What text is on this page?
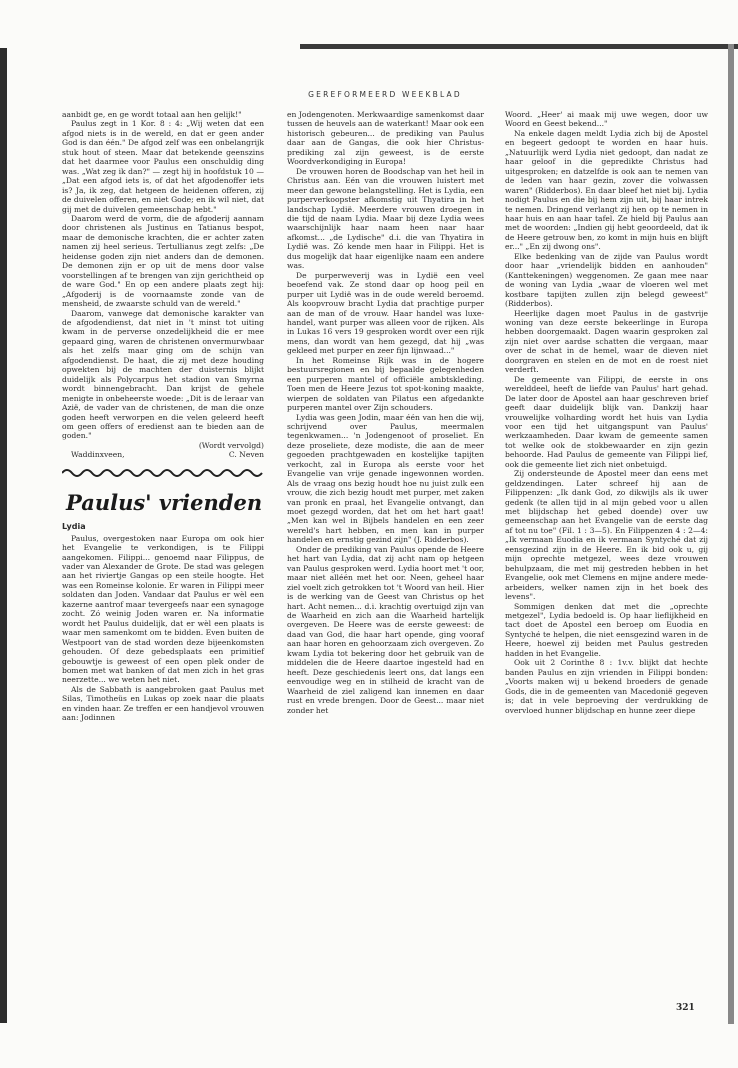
GEREFORMEERD WEEKBLAD

aanbidt ge, en ge wordt totaal aan hen gelijk!"

Paulus zegt in 1 Kor. 8 : 4: „Wij weten dat een afgod niets is in de wereld, en dat er geen ander God is dan één." De afgod zelf was een onbelangrijk stuk hout of steen. Maar dat betekende geenszins dat het daarmee voor Paulus een onschuldig ding was. „Wat zeg ik dan?" — zegt hij in hoofdstuk 10 — „Dat een afgod iets is, of dat het afgodenoffer iets is? Ja, ik zeg, dat hetgeen de heidenen offeren, zij de duivelen offeren, en niet Gode; en ik wil niet, dat gij met de duivelen gemeenschap hebt."

Daarom werd de vorm, die de afgoderij aannam door christenen als Justinus en Tatianus bespot, maar de demonische krachten, die er achter zaten namen zij heel serieus. Tertullianus zegt zelfs: „De heidense goden zijn niet anders dan de demonen. De demonen zijn er op uit de mens door valse voorstellingen af te brengen van zijn gerichtheid op de ware God." En op een andere plaats zegt hij: „Afgoderij is de voornaamste zonde van de mensheid, de zwaarste schuld van de wereld."

Daarom, vanwege dat demonische karakter van de afgodendienst, dat niet in 't minst tot uiting kwam in de perverse onzedelijkheid die er mee gepaard ging, waren de christenen onvermurwbaar als het zelfs maar ging om de schijn van afgodendienst. De haat, die zij met deze houding opwekten bij de machten der duisternis blijkt duidelijk als Polycarpus het stadion van Smyrna wordt binnengebracht. Dan krijst de gehele menigte in onbeheerste woede: „Dit is de leraar van Azië, de vader van de christenen, de man die onze goden heeft verworpen en die velen geleerd heeft om geen offers of eredienst aan te bieden aan de goden."

(Wordt vervolgd)

Waddinxveen,	C. Neven

Paulus' vrienden
Lydia

Paulus, overgestoken naar Europa om ook hier het Evangelie te verkondigen, is te Filippi aangekomen. Filippi... genoemd naar Filippus, de vader van Alexander de Grote. De stad was gelegen aan het riviertje Gangas op een steile hoogte. Het was een Romeinse kolonie. Er waren in Filippi meer soldaten dan Joden. Vandaar dat Paulus er wèl een kazerne aantrof maar tevergeefs naar een synagoge zocht. Zó weinig Joden waren er. Na informatie wordt het Paulus duidelijk, dat er wèl een plaats is waar men samenkomt om te bidden. Even buiten de Westpoort van de stad worden deze bijeenkomsten gehouden. Of deze gebedsplaats een primitief gebouwtje is geweest of een open plek onder de bomen met wat banken of dat men zich in het gras neerzette... we weten het niet.

Als de Sabbath is aangebroken gaat Paulus met Silas, Timotheüs en Lukas op zoek naar die plaats en vinden haar. Ze treffen er een handjevol vrouwen aan: Jodinnen

en Jodengenoten. Merkwaardige samenkomst daar tussen de heuvels aan de waterkant! Maar ook een historisch gebeuren... de prediking van Paulus daar aan de Gangas, die ook hier Christus-prediking zal zijn geweest, is de eerste Woordverkondiging in Europa!

De vrouwen horen de Boodschap van het heil in Christus aan. Eén van die vrouwen luistert met meer dan gewone belangstelling. Het is Lydia, een purperverkoopster afkomstig uit Thyatira in het landschap Lydië. Meerdere vrouwen droegen in die tijd de naam Lydia. Maar bij deze Lydia wees waarschijnlijk haar naam heen naar haar afkomst... „de Lydische" d.i. die van Thyatira in Lydië was. Zó kende men haar in Filippi. Het is dus mogelijk dat haar eigenlijke naam een andere was.

De purperweverij was in Lydië een veel beoefend vak. Ze stond daar op hoog peil en purper uit Lydië was in de oude wereld beroemd. Als koopvrouw bracht Lydia dat prachtige purper aan de man of de vrouw. Haar handel was luxe-handel, want purper was alleen voor de rijken. Als in Lukas 16 vers 19 gesproken wordt over een rijk mens, dan wordt van hem gezegd, dat hij „was gekleed met purper en zeer fijn lijnwaad..."

In het Romeinse Rijk was in de hogere bestuursregionen en bij bepaalde gelegenheden een purperen mantel of officiële ambtskleding. Toen men de Heere Jezus tot spot-koning maakte, wierpen de soldaten van Pilatus een afgedankte purperen mantel over Zijn schouders.

Lydia was geen Jodin, maar één van hen die wij, schrijvend over Paulus, meermalen tegenkwamen... 'n Jodengenoot of proseliet. En deze proseliete, deze modiste, die aan de meer gegoeden prachtgewaden en kostelijke tapijten verkocht, zal in Europa als eerste voor het Evangelie van vrije genade ingewonnen worden. Als de vraag ons bezig houdt hoe nu juist zulk een vrouw, die zich bezig houdt met purper, met zaken van pronk en praal, het Evangelie ontvangt, dan moet gezegd worden, dat het om het hart gaat! „Men kan wel in Bijbels handelen en een zeer wereld's hart hebben, en men kan in purper handelen en ernstig gezind zijn" (J. Ridderbos).

Onder de prediking van Paulus opende de Heere het hart van Lydia, dat zij acht nam op hetgeen van Paulus gesproken werd. Lydia hoort met 't oor, maar niet alléén met het oor. Neen, geheel haar ziel voelt zich getrokken tot 't Woord van heil. Hier is de werking van de Geest van Christus op het hart. Acht nemen... d.i. krachtig overtuigd zijn van de Waarheid en zich aan die Waarheid hartelijk overgeven. De Heere was de eerste geweest: de daad van God, die haar hart opende, ging vooraf aan haar horen en gehoorzaam zich overgeven. Zo kwam Lydia tot bekering door het gebruik van de middelen die de Heere daartoe ingesteld had en heeft. Deze geschiedenis leert ons, dat langs een eenvoudige weg en in stilheid de kracht van de Waarheid de ziel zaligend kan innemen en daar rust en vrede brengen. Door de Geest... maar niet zonder het

Woord. „Heer' ai maak mij uwe wegen, door uw Woord en Geest bekend..."

Na enkele dagen meldt Lydia zich bij de Apostel en begeert gedoopt te worden en haar huis. „Natuurlijk werd Lydia niet gedoopt, dan nadat ze haar geloof in die gepredikte Christus had uitgesproken; en datzelfde is ook aan te nemen van de leden van haar gezin, zover die volwassen waren" (Ridderbos). En daar bleef het niet bij. Lydia nodigt Paulus en die bij hem zijn uit, bij haar intrek te nemen. Dringend verlangt zij hen op te nemen in haar huis en aan haar tafel. Ze hield bij Paulus aan met de woorden: „Indien gij hebt geoordeeld, dat ik de Heere getrouw ben, zo komt in mijn huis en blijft er..." „En zij dwong ons".

Elke bedenking van de zijde van Paulus wordt door haar „vriendelijk bidden en aanhouden" (Kanttekeningen) weggenomen. Ze gaan mee naar de woning van Lydia „waar de vloeren wel met kostbare tapijten zullen zijn belegd geweest" (Ridderbos).

Heerlijke dagen moet Paulus in de gastvrije woning van deze eerste bekeerlinge in Europa hebben doorgemaakt. Dagen waarin gesproken zal zijn niet over aardse schatten die vergaan, maar over de schat in de hemel, waar de dieven niet doorgraven en stelen en de mot en de roest niet verderft.

De gemeente van Filippi, de eerste in ons werelddeel, heeft de liefde van Paulus' hart gehad. De later door de Apostel aan haar geschreven brief geeft daar duidelijk blijk van. Dankzij haar vrouwelijke volharding wordt het huis van Lydia voor een tijd het uitgangspunt van Paulus' werkzaamheden. Daar kwam de gemeente samen tot welke ook de stokbewaarder en zijn gezin behoorde. Had Paulus de gemeente van Filippi lief, ook die gemeente liet zich niet onbetuigd.

Zij ondersteunde de Apostel meer dan eens met geldzendingen. Later schreef hij aan de Filippenzen: „Ik dank God, zo dikwijls als ik uwer gedenk (te allen tijd in al mijn gebed voor u allen met blijdschap het gebed doende) over uw gemeenschap aan het Evangelie van de eerste dag af tot nu toe" (Fil. 1 : 3—5). En Filippenzen 4 : 2—4: „Ik vermaan Euodia en ik vermaan Syntyché dat zij eensgezind zijn in de Heere. En ik bid ook u, gij mijn oprechte metgezel, wees deze vrouwen behulpzaam, die met mij gestreden hebben in het Evangelie, ook met Clemens en mijne andere mede-arbeiders, welker namen zijn in het boek des levens".

Sommigen denken dat met die „oprechte metgezel", Lydia bedoeld is. Op haar lieflijkheid en tact doet de Apostel een beroep om Euodia en Syntyché te helpen, die niet eensgezind waren in de Heere, hoewel zij beiden met Paulus gestreden hadden in het Evangelie.

Ook uit 2 Corinthe 8 : 1v.v. blijkt dat hechte banden Paulus en zijn vrienden in Filippi bonden: „Voorts maken wij u bekend broeders de genade Gods, die in de gemeenten van Macedonië gegeven is; dat in vele beproeving der verdrukking de overvloed hunner blijdschap en hunne zeer diepe

321
